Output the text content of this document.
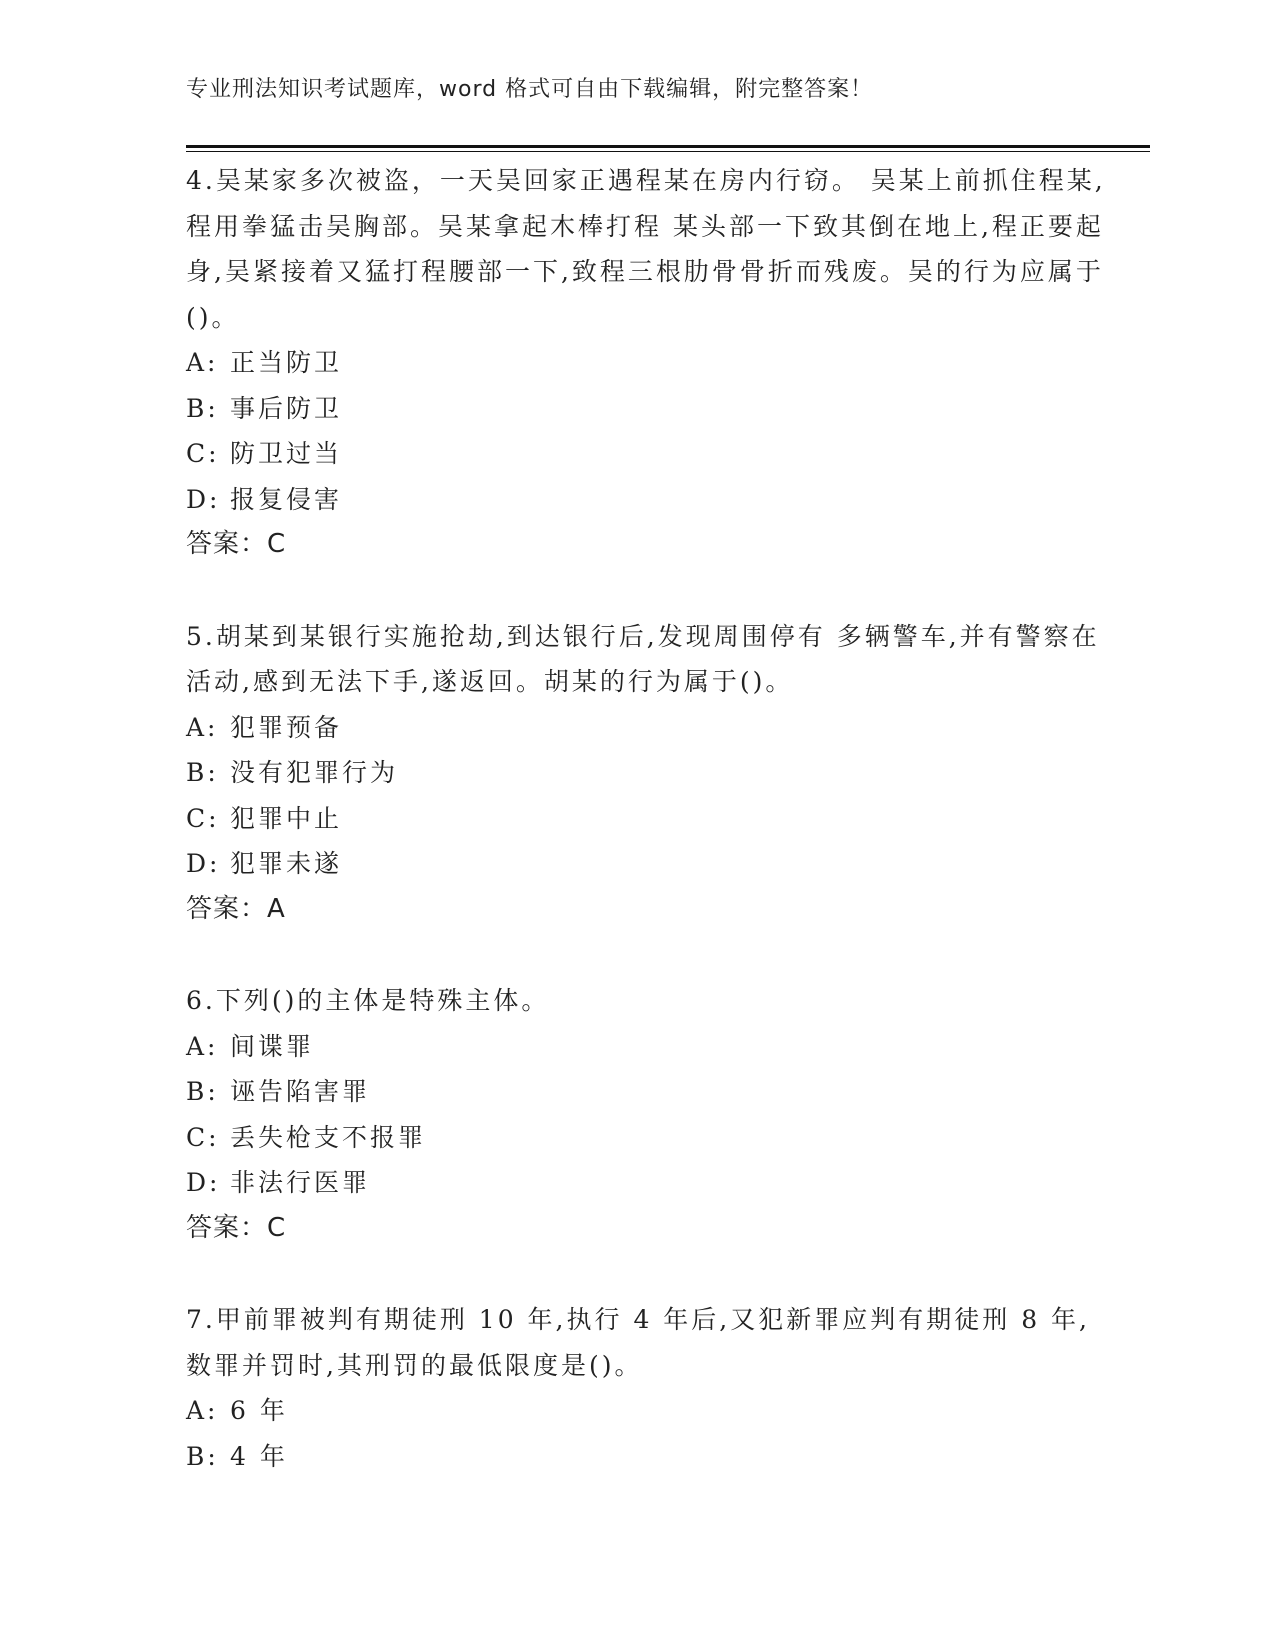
专业刑法知识考试题库，word 格式可自由下载编辑，附完整答案！

4.吴某家多次被盗，一天吴回家正遇程某在房内行窃。 吴某上前抓住程某,程用拳猛击吴胸部。吴某拿起木棒打程 某头部一下致其倒在地上,程正要起身,吴紧接着又猛打程腰部一下,致程三根肋骨骨折而残废。吴的行为应属于()。

A: 正当防卫
B: 事后防卫
C: 防卫过当
D: 报复侵害
答案：C

5.胡某到某银行实施抢劫,到达银行后,发现周围停有 多辆警车,并有警察在活动,感到无法下手,遂返回。胡某的行为属于()。

A: 犯罪预备
B: 没有犯罪行为
C: 犯罪中止
D: 犯罪未遂
答案：A

6.下列()的主体是特殊主体。

A: 间谍罪
B: 诬告陷害罪
C: 丢失枪支不报罪
D: 非法行医罪
答案：C

7.甲前罪被判有期徒刑 10 年,执行 4 年后,又犯新罪应判有期徒刑 8 年,数罪并罚时,其刑罚的最低限度是()。

A: 6 年
B: 4 年
